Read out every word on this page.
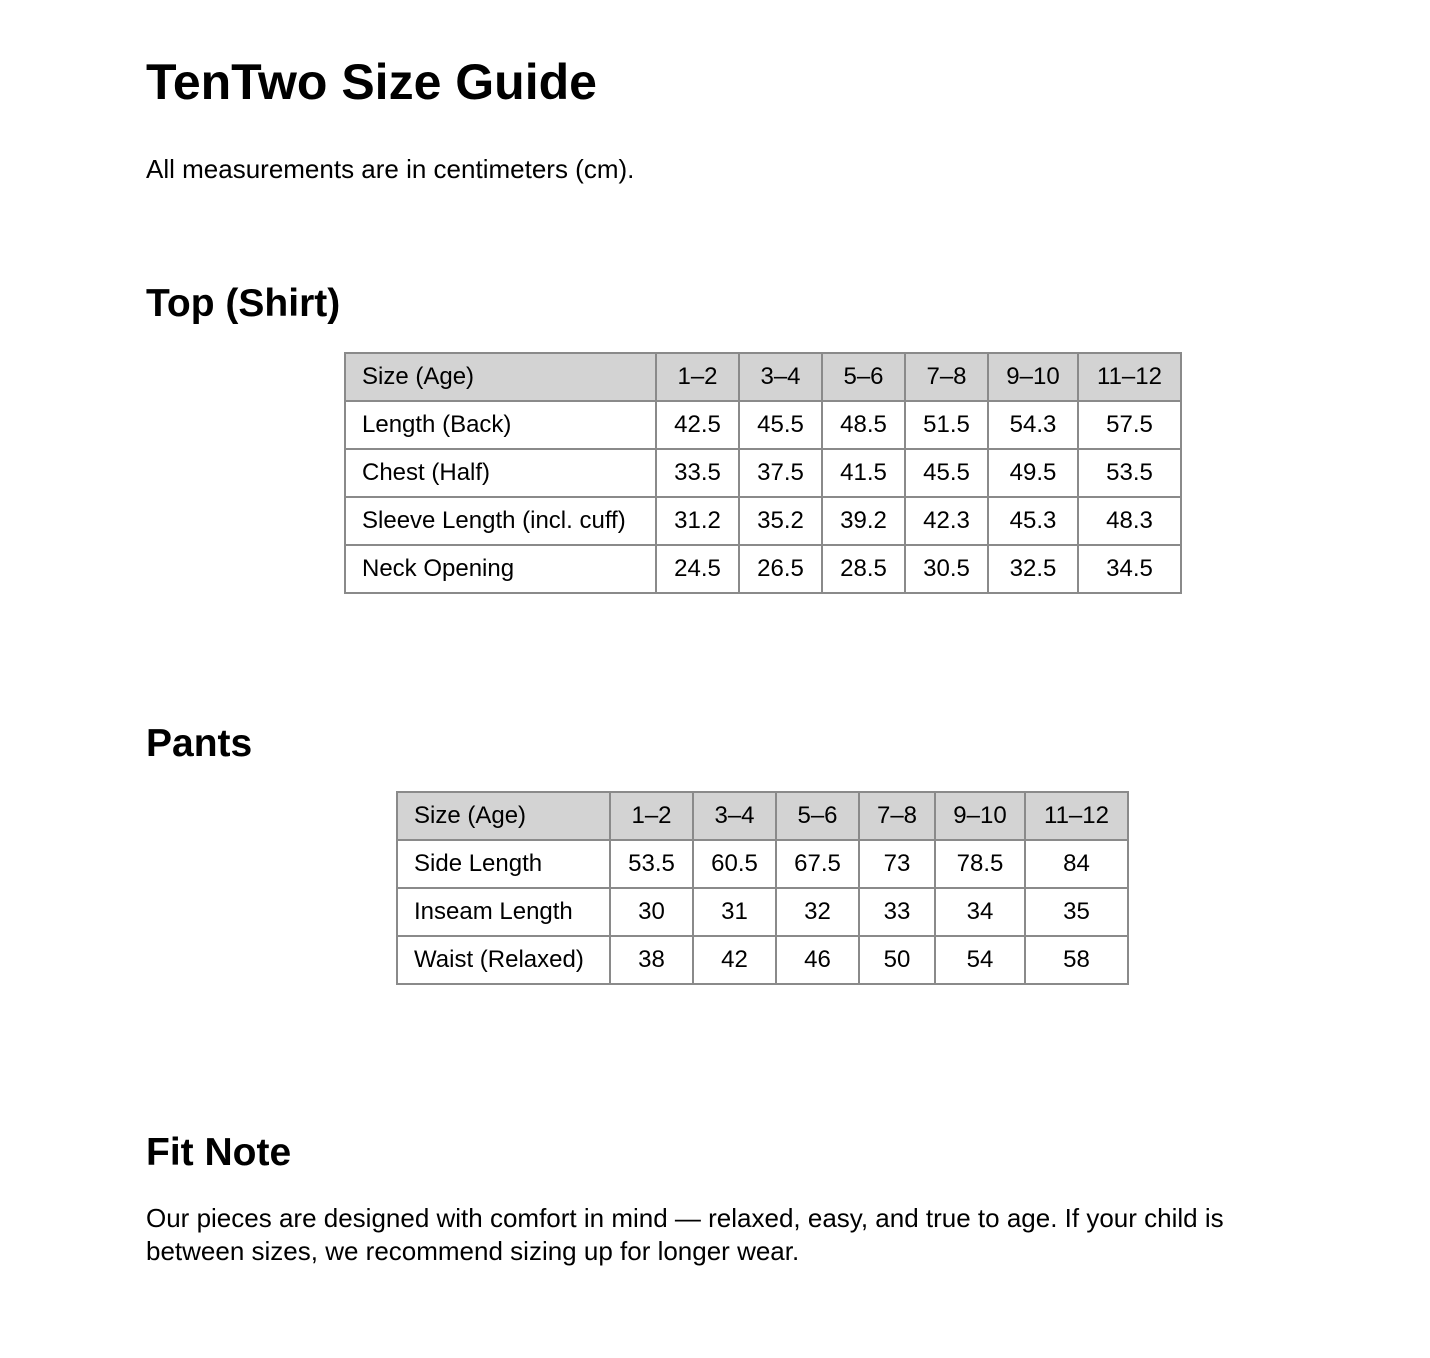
TenTwo Size Guide

All measurements are in centimeters (cm).

Top (Shirt)
Size (Age)	1–2	3–4	5–6	7–8	9–10	11–12
Length (Back)	42.5	45.5	48.5	51.5	54.3	57.5
Chest (Half)	33.5	37.5	41.5	45.5	49.5	53.5
Sleeve Length (incl. cuff)	31.2	35.2	39.2	42.3	45.3	48.3
Neck Opening	24.5	26.5	28.5	30.5	32.5	34.5
Pants
Size (Age)	1–2	3–4	5–6	7–8	9–10	11–12
Side Length	53.5	60.5	67.5	73	78.5	84
Inseam Length	30	31	32	33	34	35
Waist (Relaxed)	38	42	46	50	54	58
Fit Note

Our pieces are designed with comfort in mind — relaxed, easy, and true to age. If your child is between sizes, we recommend sizing up for longer wear.
